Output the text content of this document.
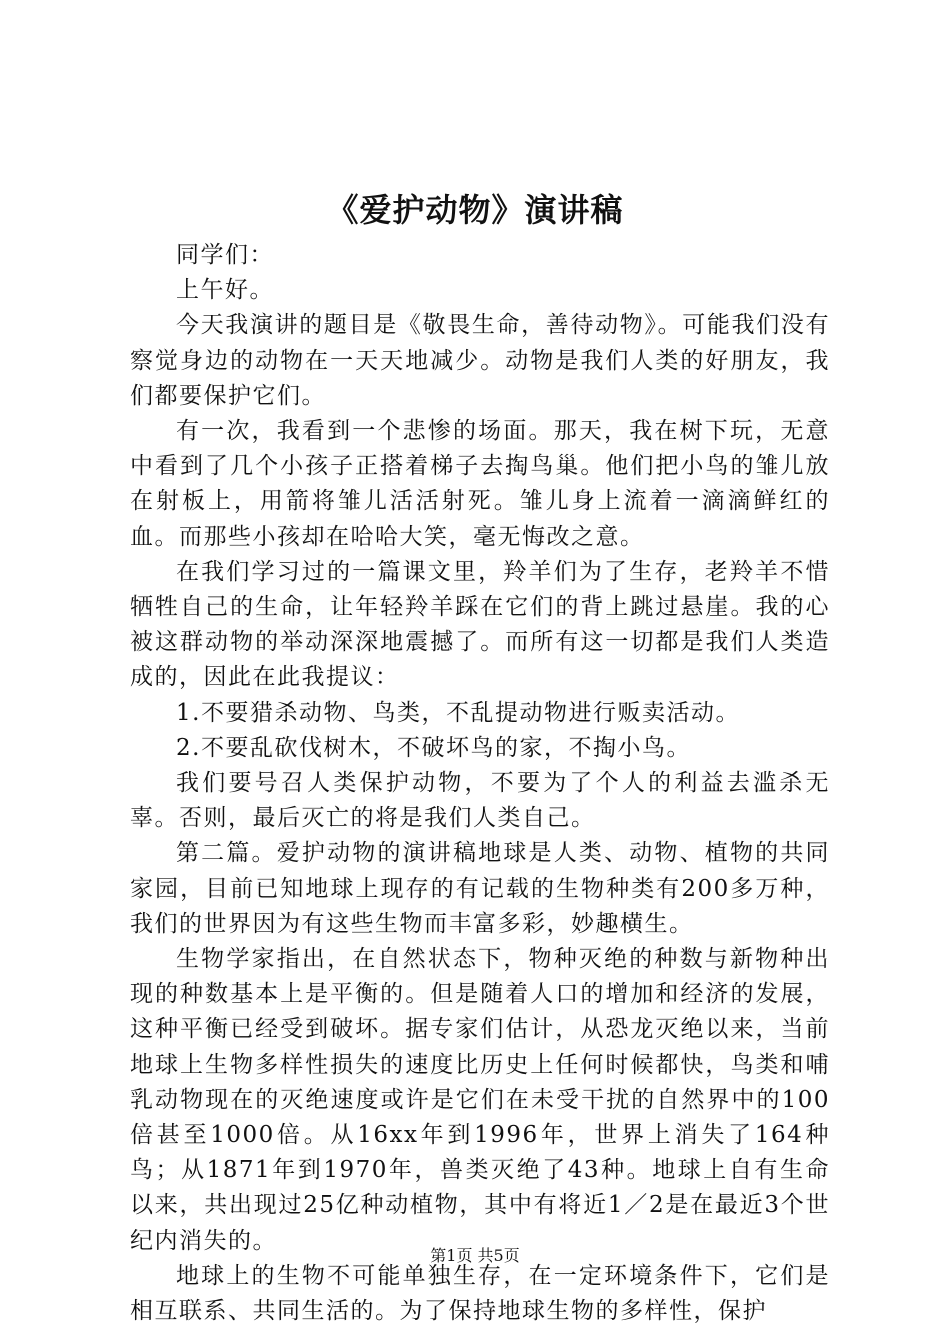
《爱护动物》演讲稿

同学们：

上午好。

今天我演讲的题目是《敬畏生命，善待动物》。可能我们没有察觉身边的动物在一天天地减少。动物是我们人类的好朋友，我们都要保护它们。

有一次，我看到一个悲惨的场面。那天，我在树下玩，无意中看到了几个小孩子正搭着梯子去掏鸟巢。他们把小鸟的雏儿放在射板上，用箭将雏儿活活射死。雏儿身上流着一滴滴鲜红的血。而那些小孩却在哈哈大笑，毫无悔改之意。

在我们学习过的一篇课文里，羚羊们为了生存，老羚羊不惜牺牲自己的生命，让年轻羚羊踩在它们的背上跳过悬崖。我的心被这群动物的举动深深地震撼了。而所有这一切都是我们人类造成的，因此在此我提议：

1.不要猎杀动物、鸟类，不乱提动物进行贩卖活动。

2.不要乱砍伐树木，不破坏鸟的家，不掏小鸟。

我们要号召人类保护动物，不要为了个人的利益去滥杀无辜。否则，最后灭亡的将是我们人类自己。

第二篇。爱护动物的演讲稿地球是人类、动物、植物的共同家园，目前已知地球上现存的有记载的生物种类有200多万种，我们的世界因为有这些生物而丰富多彩，妙趣横生。

生物学家指出，在自然状态下，物种灭绝的种数与新物种出现的种数基本上是平衡的。但是随着人口的增加和经济的发展，这种平衡已经受到破坏。据专家们估计，从恐龙灭绝以来，当前地球上生物多样性损失的速度比历史上任何时候都快，鸟类和哺乳动物现在的灭绝速度或许是它们在未受干扰的自然界中的100倍甚至1000倍。从16xx年到1996年，世界上消失了164种鸟；从1871年到1970年，兽类灭绝了43种。地球上自有生命以来，共出现过25亿种动植物，其中有将近1／2是在最近3个世纪内消失的。

地球上的生物不可能单独生存，在一定环境条件下，它们是相互联系、共同生活的。为了保持地球生物的多样性，保护

第1页 共5页
